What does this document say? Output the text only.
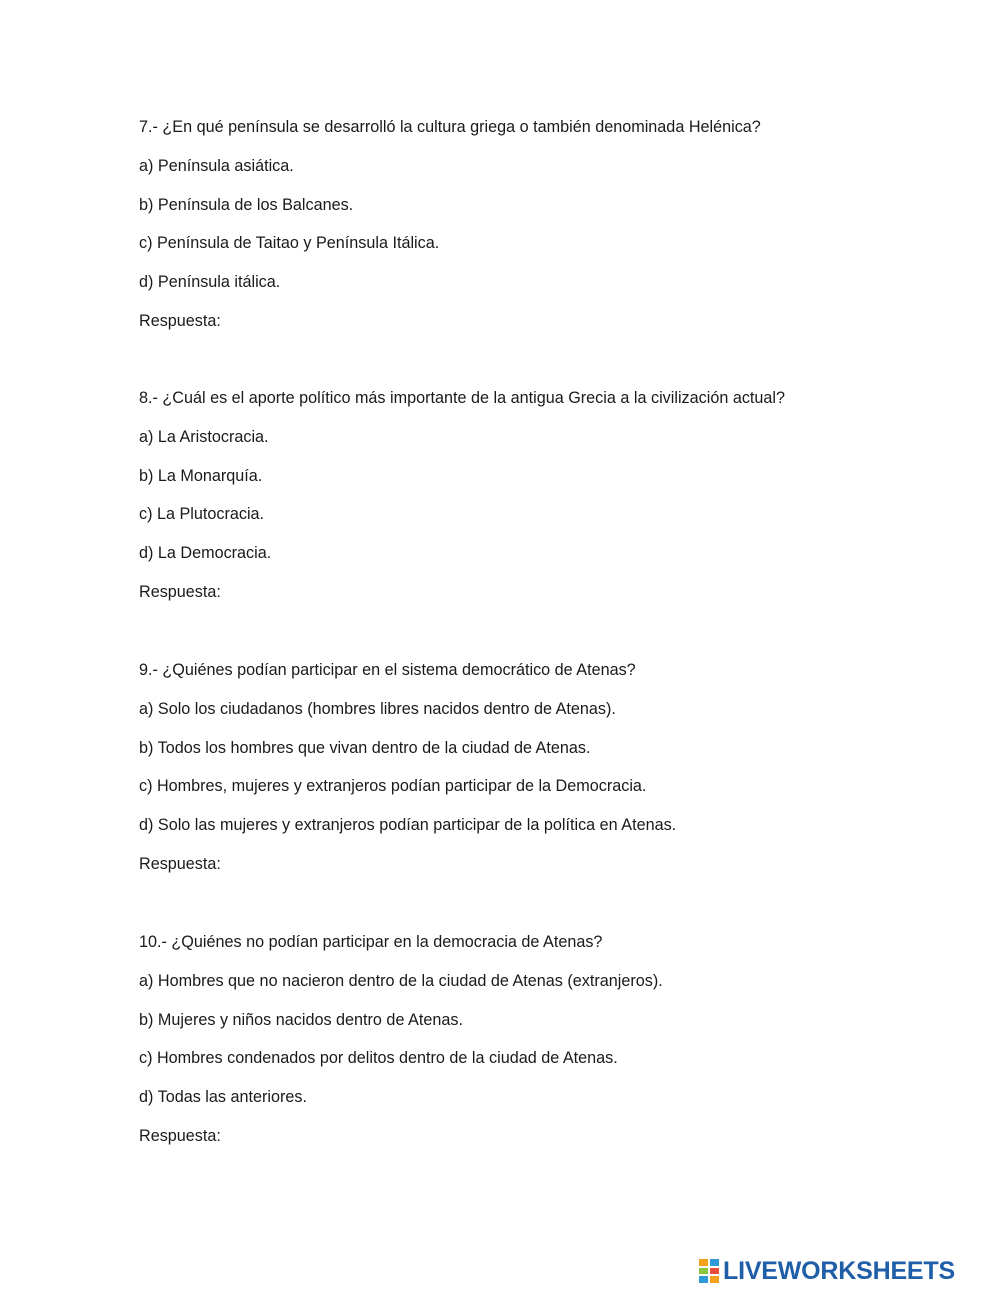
7.- ¿En qué península se desarrolló la cultura griega o también denominada Helénica?
a) Península asiática.
b) Península de los Balcanes.
c) Península de Taitao y Península Itálica.
d) Península itálica.
Respuesta:
8.- ¿Cuál es el aporte político más importante de la antigua Grecia a la civilización actual?
a) La Aristocracia.
b) La Monarquía.
c) La Plutocracia.
d) La Democracia.
Respuesta:
9.- ¿Quiénes podían participar en el sistema democrático de Atenas?
a) Solo los ciudadanos (hombres libres nacidos dentro de Atenas).
b) Todos los hombres que vivan dentro de la ciudad de Atenas.
c) Hombres, mujeres y extranjeros podían participar de la Democracia.
d) Solo las mujeres y extranjeros podían participar de la política en Atenas.
Respuesta:
10.- ¿Quiénes no podían participar en la democracia de Atenas?
a) Hombres que no nacieron dentro de la ciudad de Atenas (extranjeros).
b) Mujeres y niños nacidos dentro de Atenas.
c) Hombres condenados por delitos dentro de la ciudad de Atenas.
d) Todas las anteriores.
Respuesta:
LIVEWORKSHEETS
